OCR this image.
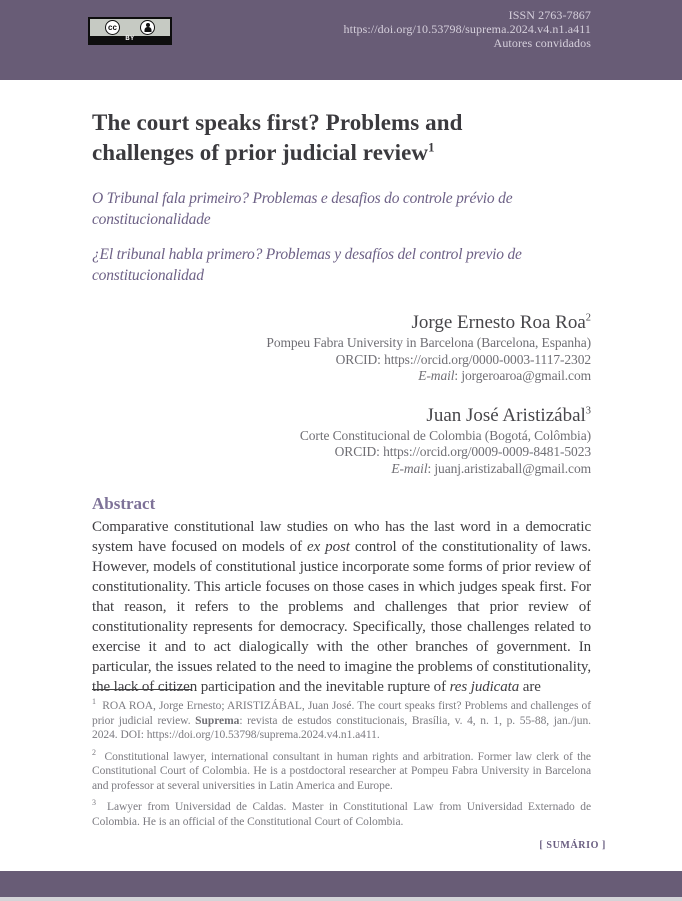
cc
BY
ISSN 2763-7867
https://doi.org/10.53798/suprema.2024.v4.n1.a411
Autores convidados
The court speaks first? Problems and challenges of prior judicial review$^1$

O Tribunal fala primeiro? Problemas e desafios do controle prévio de constitucionalidade

¿El tribunal habla primero? Problemas y desafíos del control previo de constitucionalidad

Jorge Ernesto Roa Roa$^2$
Pompeu Fabra University in Barcelona (Barcelona, Espanha)
ORCID: https://orcid.org/0000-0003-1117-2302
E-mail: jorgeroaroa@gmail.com
Juan José Aristizábal$^3$
Corte Constitucional de Colombia (Bogotá, Colômbia)
ORCID: https://orcid.org/0009-0009-8481-5023
E-mail: juanj.aristizaball@gmail.com
Abstract

Comparative constitutional law studies on who has the last word in a democratic system have focused on models of ex post control of the constitutionality of laws. However, models of constitutional justice incorporate some forms of prior review of constitutionality. This article focuses on those cases in which judges speak first. For that reason, it refers to the problems and challenges that prior review of constitutionality represents for democracy. Specifically, those challenges related to exercise it and to act dialogically with the other branches of government. In particular, the issues related to the need to imagine the problems of constitutionality, the lack of citizen participation and the inevitable rupture of res judicata are

$^1$ ROA ROA, Jorge Ernesto; ARISTIZÁBAL, Juan José. The court speaks first? Problems and challenges of prior judicial review. Suprema: revista de estudos constitucionais, Brasília, v. 4, n. 1, p. 55-88, jan./jun. 2024. DOI: https://doi.org/10.53798/suprema.2024.v4.n1.a411.

$^2$ Constitutional lawyer, international consultant in human rights and arbitration. Former law clerk of the Constitutional Court of Colombia. He is a postdoctoral researcher at Pompeu Fabra University in Barcelona and professor at several universities in Latin America and Europe.

$^3$ Lawyer from Universidad de Caldas. Master in Constitutional Law from Universidad Externado de Colombia. He is an official of the Constitutional Court of Colombia.

[ SUMÁRIO ]
